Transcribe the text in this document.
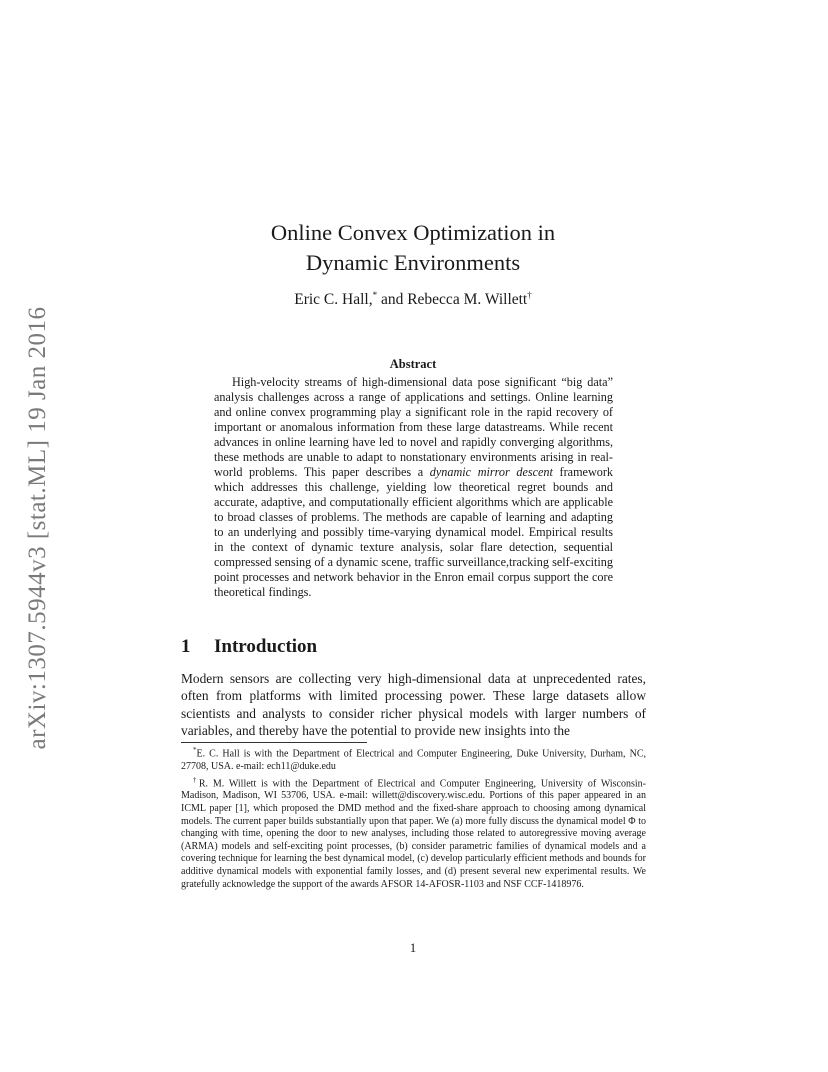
arXiv:1307.5944v3 [stat.ML] 19 Jan 2016
Online Convex Optimization in
Dynamic Environments
Eric C. Hall,* and Rebecca M. Willett†
Abstract

High-velocity streams of high-dimensional data pose significant “big data” analysis challenges across a range of applications and settings. Online learning and online convex programming play a significant role in the rapid recovery of important or anomalous information from these large datastreams. While recent advances in online learning have led to novel and rapidly converging algorithms, these methods are unable to adapt to nonstationary environments arising in real-world problems. This paper describes a dynamic mirror descent framework which addresses this challenge, yielding low theoretical regret bounds and accurate, adaptive, and computationally efficient algorithms which are applicable to broad classes of problems. The methods are capable of learning and adapting to an underlying and possibly time-varying dynamical model. Empirical results in the context of dynamic texture analysis, solar flare detection, sequential compressed sensing of a dynamic scene, traffic surveillance,tracking self-exciting point processes and network behavior in the Enron email corpus support the core theoretical findings.

1 Introduction

Modern sensors are collecting very high-dimensional data at unprecedented rates, often from platforms with limited processing power. These large datasets allow scientists and analysts to consider richer physical models with larger numbers of variables, and thereby have the potential to provide new insights into the

*E. C. Hall is with the Department of Electrical and Computer Engineering, Duke University, Durham, NC, 27708, USA. e-mail: ech11@duke.edu

†R. M. Willett is with the Department of Electrical and Computer Engineering, University of Wisconsin-Madison, Madison, WI 53706, USA. e-mail: willett@discovery.wisc.edu. Portions of this paper appeared in an ICML paper [1], which proposed the DMD method and the fixed-share approach to choosing among dynamical models. The current paper builds substantially upon that paper. We (a) more fully discuss the dynamical model Φ to changing with time, opening the door to new analyses, including those related to autoregressive moving average (ARMA) models and self-exciting point processes, (b) consider parametric families of dynamical models and a covering technique for learning the best dynamical model, (c) develop particularly efficient methods and bounds for additive dynamical models with exponential family losses, and (d) present several new experimental results. We gratefully acknowledge the support of the awards AFSOR 14-AFOSR-1103 and NSF CCF-1418976.

1
